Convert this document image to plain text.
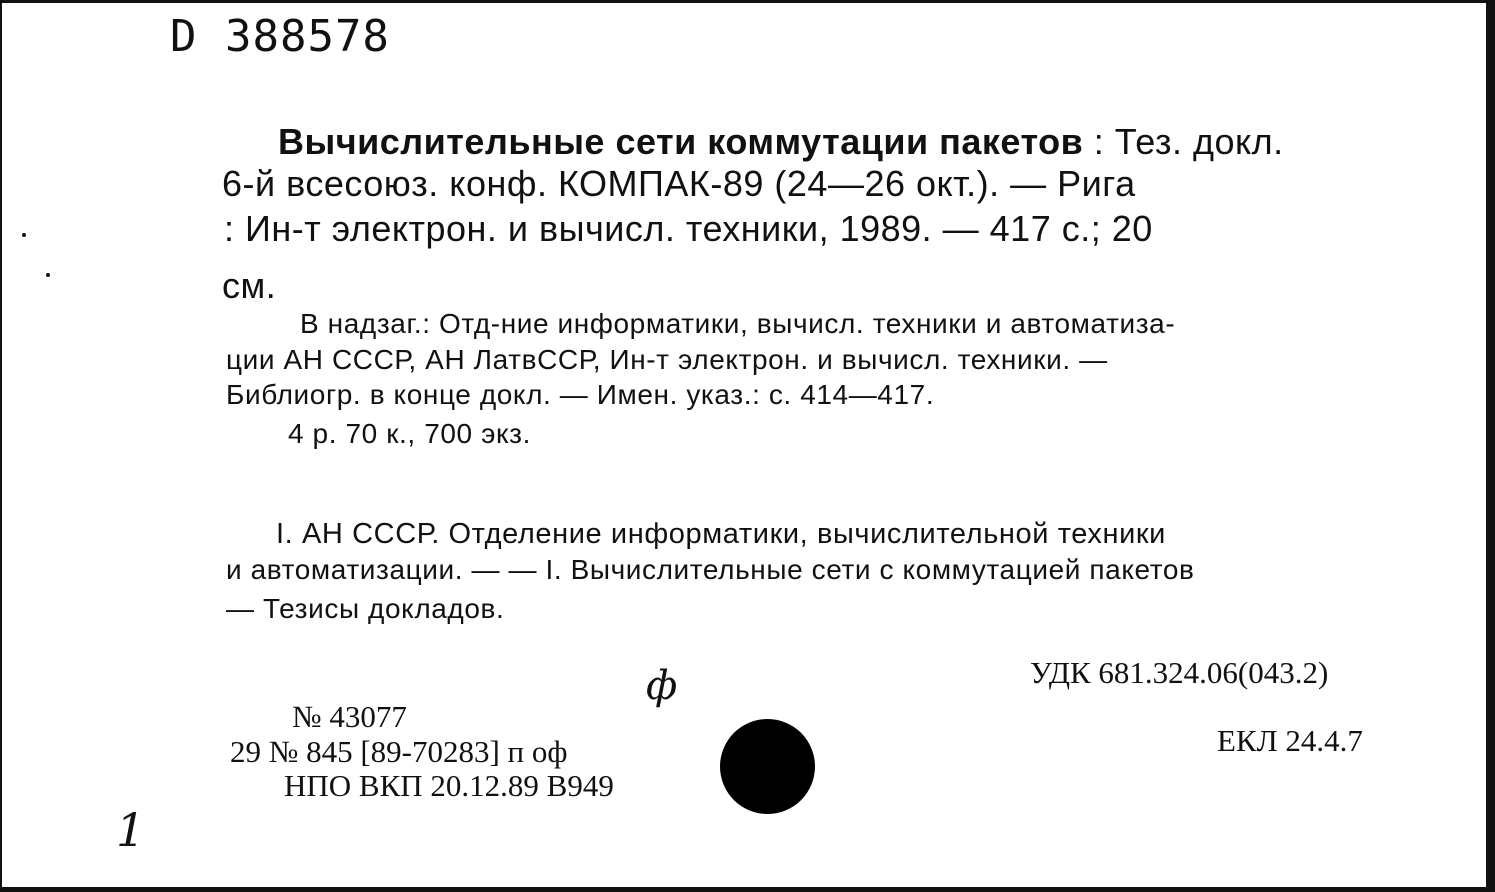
D 388578
Вычислительные сети коммутации пакетов : Тез. докл.
6-й всесоюз. конф. КОМПАК-89 (24—26 окт.). — Рига
: Ин-т электрон. и вычисл. техники, 1989. — 417 с.; 20
см.
В надзаг.: Отд-ние информатики, вычисл. техники и автоматиза-
ции АН СССР, АН ЛатвССР, Ин-т электрон. и вычисл. техники. —
Библиогр. в конце докл. — Имен. указ.: с. 414—417.
4 р. 70 к., 700 экз.
I. АН СССР. Отделение информатики, вычислительной техники
и автоматизации. — — I. Вычислительные сети с коммутацией пакетов
— Тезисы докладов.
УДК 681.324.06(043.2)
ЕКЛ 24.4.7
№ 43077
29 № 845 [89-70283] п оф
НПО ВКП 20.12.89 В949
ф
1
